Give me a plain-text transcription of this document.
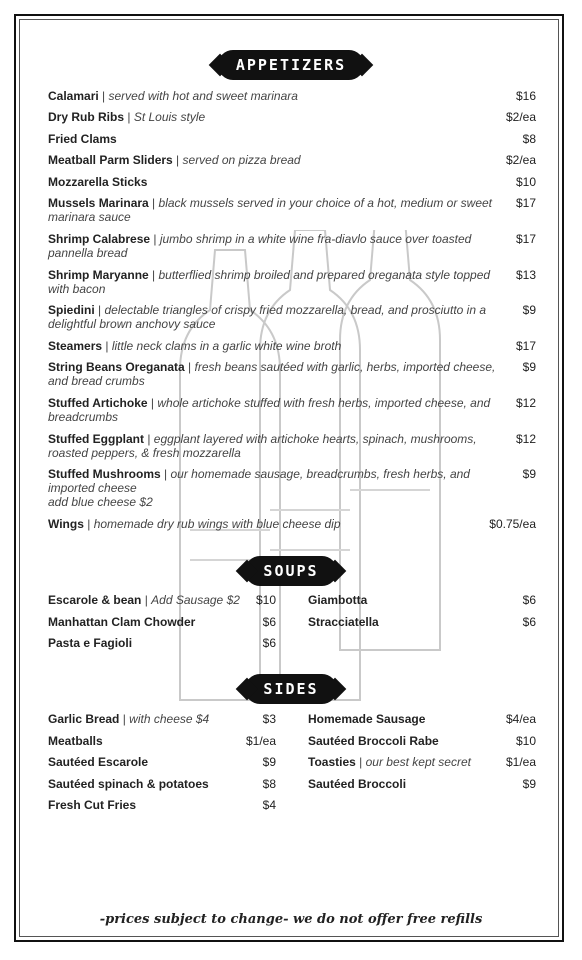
APPETIZERS
Calamari | served with hot and sweet marinara	$16
Dry Rub Ribs | St Louis style	$2/ea
Fried Clams	$8
Meatball Parm Sliders | served on pizza bread	$2/ea
Mozzarella Sticks	$10
Mussels Marinara | black mussels served in your choice of a hot, medium or sweet marinara sauce
$17
Shrimp Calabrese | jumbo shrimp in a white wine fra-diavlo sauce over toasted pannella bread
$17
Shrimp Maryanne | butterflied shrimp broiled and prepared oreganata style topped with bacon
$13
Spiedini | delectable triangles of crispy fried mozzarella, bread, and prosciutto in a delightful brown anchovy sauce
$9
Steamers | little neck clams in a garlic white wine broth	$17
String Beans Oreganata | fresh beans sautéed with garlic, herbs, imported cheese, and bread crumbs
$9
Stuffed Artichoke | whole artichoke stuffed with fresh herbs, imported cheese, and breadcrumbs
$12
Stuffed Eggplant | eggplant layered with artichoke hearts, spinach, mushrooms, roasted peppers, & fresh mozzarella
$12
Stuffed Mushrooms | our homemade sausage, breadcrumbs, fresh herbs, and imported cheese
add blue cheese $2
$9
Wings | homemade dry rub wings with blue cheese dip	$0.75/ea
SOUPS
Escarole & bean | Add Sausage $2 $10
Manhattan Clam Chowder	$6
Pasta e Fagioli	$6
Giambotta	$6
Stracciatella	$6
SIDES
Garlic Bread | with cheese $4	$3
Meatballs	$1/ea
Sautéed Escarole	$9
Sautéed spinach & potatoes	$8
Fresh Cut Fries	$4
Homemade Sausage	$4/ea
Sautéed Broccoli Rabe	$10
Toasties | our best kept secret	$1/ea
Sautéed Broccoli	$9
-prices subject to change- we do not offer free refills
